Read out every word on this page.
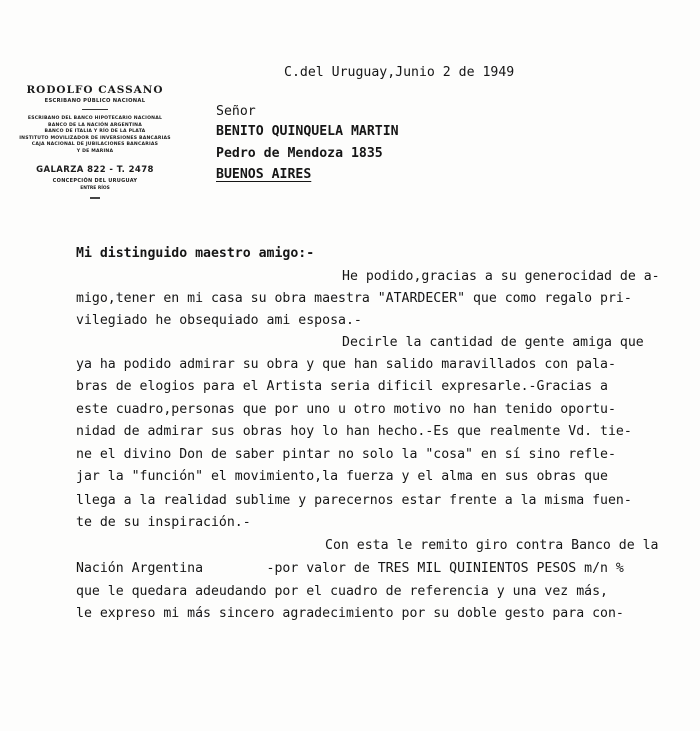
RODOLFO CASSANO
ESCRIBANO PÚBLICO NACIONAL
ESCRIBANO DEL BANCO HIPOTECARIO NACIONAL
BANCO DE LA NACIÓN ARGENTINA
BANCO DE ITALIA Y RÍO DE LA PLATA
INSTITUTO MOVILIZADOR DE INVERSIONES BANCARIAS
CAJA NACIONAL DE JUBILACIONES BANCARIAS
Y DE MARINA
GALARZA 822 - T. 2478
CONCEPCIÓN DEL URUGUAY
ENTRE RÍOS
C.del Uruguay,Junio 2 de 1949
Señor
BENITO QUINQUELA MARTIN
Pedro de Mendoza 1835
BUENOS AIRES
Mi distinguido maestro amigo:-
He podido,gracias a su generocidad de a-
migo,tener en mi casa su obra maestra "ATARDECER" que como regalo pri-
vilegiado he obsequiado ami esposa.-
Decirle la cantidad de gente amiga que
ya ha podido admirar su obra y que han salido maravillados con pala-
bras de elogios para el Artista seria dificil expresarle.-Gracias a
este cuadro,personas que por uno u otro motivo no han tenido oportu-
nidad de admirar sus obras hoy lo han hecho.-Es que realmente Vd. tie-
ne el divino Don de saber pintar no solo la "cosa" en sí sino refle-
jar la "función" el movimiento,la fuerza y el alma en sus obras que
llega a la realidad sublime y parecernos estar frente a la misma fuen-
te de su inspiración.-
Con esta le remito giro contra Banco de la
Nación Argentina        -por valor de TRES MIL QUINIENTOS PESOS m/n %
que le quedara adeudando por el cuadro de referencia y una vez más,
le expreso mi más sincero agradecimiento por su doble gesto para con-
